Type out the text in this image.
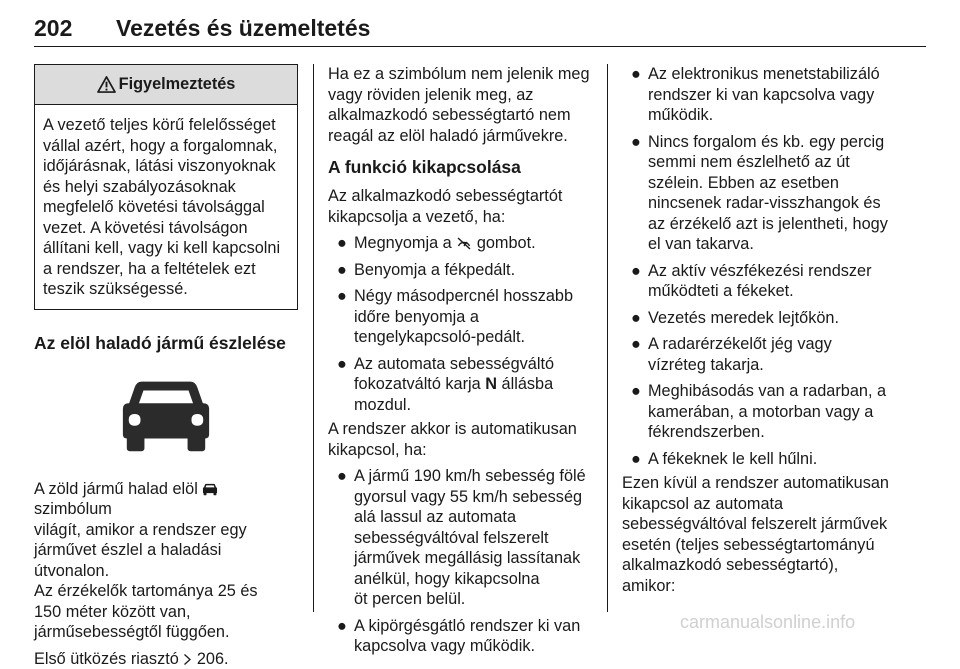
202 Vezetés és üzemeltetés
Figyelmeztetés
A vezető teljes körű felelősséget
vállal azért, hogy a forgalomnak,
időjárásnak, látási viszonyoknak
és helyi szabályozásoknak
megfelelő követési távolsággal
vezet. A követési távolságon
állítani kell, vagy ki kell kapcsolni
a rendszer, ha a feltételek ezt
teszik szükségessé.
Az elöl haladó jármű észlelése

A zöld jármű halad elöl  szimbólum
világít, amikor a rendszer egy
járművet észlel a haladási útvonalon.
Az érzékelők tartománya 25 és
150 méter között van,
járműsebességtől függően.

Első ütközés riasztó 206.

Ha ez a szimbólum nem jelenik meg
vagy röviden jelenik meg, az
alkalmazkodó sebességtartó nem
reagál az elöl haladó járművekre.

A funkció kikapcsolása

Az alkalmazkodó sebességtartót
kikapcsolja a vezető, ha:

● Megnyomja a gombot.
● Benyomja a fékpedált.
● Négy másodpercnél hosszabb
időre benyomja a
tengelykapcsoló-pedált.
● Az automata sebességváltó
fokozatváltó karja N állásba
mozdul.

A rendszer akkor is automatikusan
kikapcsol, ha:

● A jármű 190 km/h sebesség fölé
gyorsul vagy 55 km/h sebesség
alá lassul az automata
sebességváltóval felszerelt
járművek megállásig lassítanak
anélkül, hogy kikapcsolna
öt percen belül.
● A kipörgésgátló rendszer ki van
kapcsolva vagy működik.
● Az elektronikus menetstabilizáló
rendszer ki van kapcsolva vagy
működik.
● Nincs forgalom és kb. egy percig
semmi nem észlelhető az út
szélein. Ebben az esetben
nincsenek radar-visszhangok és
az érzékelő azt is jelentheti, hogy
el van takarva.
● Az aktív vészfékezési rendszer
működteti a fékeket.
● Vezetés meredek lejtőkön.
● A radarérzékelőt jég vagy
vízréteg takarja.
● Meghibásodás van a radarban, a
kamerában, a motorban vagy a
fékrendszerben.
● A fékeknek le kell hűlni.

Ezen kívül a rendszer automatikusan
kikapcsol az automata
sebességváltóval felszerelt járművek
esetén (teljes sebességtartományú
alkalmazkodó sebességtartó),
amikor:

carmanualsonline.info
